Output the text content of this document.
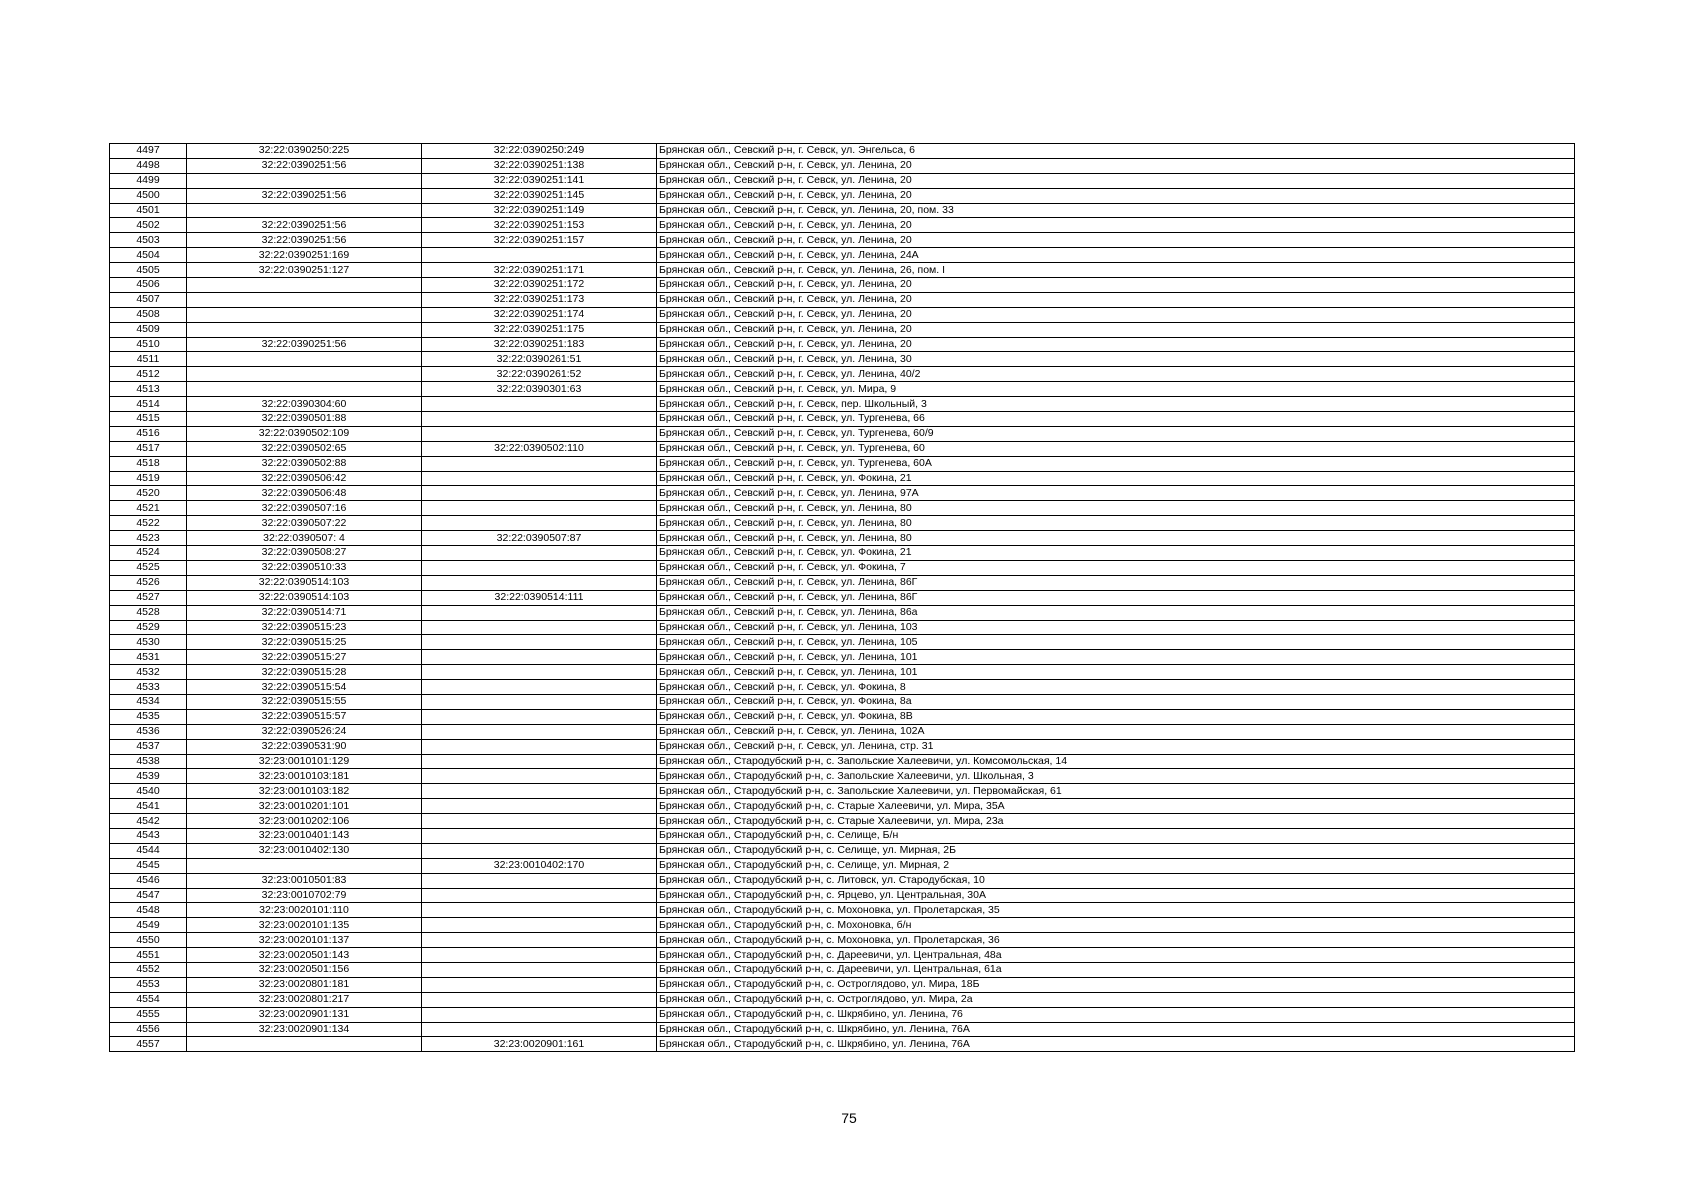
4497	32:22:0390250:225	32:22:0390250:249	Брянская обл., Севский р-н, г. Севск, ул. Энгельса, 6
4498	32:22:0390251:56	32:22:0390251:138	Брянская обл., Севский р-н, г. Севск, ул. Ленина, 20
4499		32:22:0390251:141	Брянская обл., Севский р-н, г. Севск, ул. Ленина, 20
4500	32:22:0390251:56	32:22:0390251:145	Брянская обл., Севский р-н, г. Севск, ул. Ленина, 20
4501		32:22:0390251:149	Брянская обл., Севский р-н, г. Севск, ул. Ленина, 20, пом. 33
4502	32:22:0390251:56	32:22:0390251:153	Брянская обл., Севский р-н, г. Севск, ул. Ленина, 20
4503	32:22:0390251:56	32:22:0390251:157	Брянская обл., Севский р-н, г. Севск, ул. Ленина, 20
4504	32:22:0390251:169		Брянская обл., Севский р-н, г. Севск, ул. Ленина, 24А
4505	32:22:0390251:127	32:22:0390251:171	Брянская обл., Севский р-н, г. Севск, ул. Ленина, 26, пом. I
4506		32:22:0390251:172	Брянская обл., Севский р-н, г. Севск, ул. Ленина, 20
4507		32:22:0390251:173	Брянская обл., Севский р-н, г. Севск, ул. Ленина, 20
4508		32:22:0390251:174	Брянская обл., Севский р-н, г. Севск, ул. Ленина, 20
4509		32:22:0390251:175	Брянская обл., Севский р-н, г. Севск, ул. Ленина, 20
4510	32:22:0390251:56	32:22:0390251:183	Брянская обл., Севский р-н, г. Севск, ул. Ленина, 20
4511		32:22:0390261:51	Брянская обл., Севский р-н, г. Севск, ул. Ленина, 30
4512		32:22:0390261:52	Брянская обл., Севский р-н, г. Севск, ул. Ленина, 40/2
4513		32:22:0390301:63	Брянская обл., Севский р-н, г. Севск, ул. Мира, 9
4514	32:22:0390304:60		Брянская обл., Севский р-н, г. Севск, пер. Школьный, 3
4515	32:22:0390501:88		Брянская обл., Севский р-н, г. Севск, ул. Тургенева, 66
4516	32:22:0390502:109		Брянская обл., Севский р-н, г. Севск, ул. Тургенева, 60/9
4517	32:22:0390502:65	32:22:0390502:110	Брянская обл., Севский р-н, г. Севск, ул. Тургенева, 60
4518	32:22:0390502:88		Брянская обл., Севский р-н, г. Севск, ул. Тургенева, 60А
4519	32:22:0390506:42		Брянская обл., Севский р-н, г. Севск, ул. Фокина, 21
4520	32:22:0390506:48		Брянская обл., Севский р-н, г. Севск, ул. Ленина, 97А
4521	32:22:0390507:16		Брянская обл., Севский р-н, г. Севск, ул. Ленина, 80
4522	32:22:0390507:22		Брянская обл., Севский р-н, г. Севск, ул. Ленина, 80
4523	32:22:0390507: 4	32:22:0390507:87	Брянская обл., Севский р-н, г. Севск, ул. Ленина, 80
4524	32:22:0390508:27		Брянская обл., Севский р-н, г. Севск, ул. Фокина, 21
4525	32:22:0390510:33		Брянская обл., Севский р-н, г. Севск, ул. Фокина, 7
4526	32:22:0390514:103		Брянская обл., Севский р-н, г. Севск, ул. Ленина, 86Г
4527	32:22:0390514:103	32:22:0390514:111	Брянская обл., Севский р-н, г. Севск, ул. Ленина, 86Г
4528	32:22:0390514:71		Брянская обл., Севский р-н, г. Севск, ул. Ленина, 86а
4529	32:22:0390515:23		Брянская обл., Севский р-н, г. Севск, ул. Ленина, 103
4530	32:22:0390515:25		Брянская обл., Севский р-н, г. Севск, ул. Ленина, 105
4531	32:22:0390515:27		Брянская обл., Севский р-н, г. Севск, ул. Ленина, 101
4532	32:22:0390515:28		Брянская обл., Севский р-н, г. Севск, ул. Ленина, 101
4533	32:22:0390515:54		Брянская обл., Севский р-н, г. Севск, ул. Фокина, 8
4534	32:22:0390515:55		Брянская обл., Севский р-н, г. Севск, ул. Фокина, 8а
4535	32:22:0390515:57		Брянская обл., Севский р-н, г. Севск, ул. Фокина, 8В
4536	32:22:0390526:24		Брянская обл., Севский р-н, г. Севск, ул. Ленина, 102А
4537	32:22:0390531:90		Брянская обл., Севский р-н, г. Севск, ул. Ленина, стр. 31
4538	32:23:0010101:129		Брянская обл., Стародубский р-н, с. Запольские Халеевичи, ул. Комсомольская, 14
4539	32:23:0010103:181		Брянская обл., Стародубский р-н, с. Запольские Халеевичи, ул. Школьная, 3
4540	32:23:0010103:182		Брянская обл., Стародубский р-н, с. Запольские Халеевичи, ул. Первомайская, 61
4541	32:23:0010201:101		Брянская обл., Стародубский р-н, с. Старые Халеевичи, ул. Мира, 35А
4542	32:23:0010202:106		Брянская обл., Стародубский р-н, с. Старые Халеевичи, ул. Мира, 23а
4543	32:23:0010401:143		Брянская обл., Стародубский р-н, с. Селище, Б/н
4544	32:23:0010402:130		Брянская обл., Стародубский р-н, с. Селище, ул. Мирная, 2Б
4545		32:23:0010402:170	Брянская обл., Стародубский р-н, с. Селище, ул. Мирная, 2
4546	32:23:0010501:83		Брянская обл., Стародубский р-н, с. Литовск, ул. Стародубская, 10
4547	32:23:0010702:79		Брянская обл., Стародубский р-н, с. Ярцево, ул. Центральная, 30А
4548	32:23:0020101:110		Брянская обл., Стародубский р-н, с. Мохоновка, ул. Пролетарская, 35
4549	32:23:0020101:135		Брянская обл., Стародубский р-н, с. Мохоновка, б/н
4550	32:23:0020101:137		Брянская обл., Стародубский р-н, с. Мохоновка, ул. Пролетарская, 36
4551	32:23:0020501:143		Брянская обл., Стародубский р-н, с. Дареевичи, ул. Центральная, 48а
4552	32:23:0020501:156		Брянская обл., Стародубский р-н, с. Дареевичи, ул. Центральная, 61а
4553	32:23:0020801:181		Брянская обл., Стародубский р-н, с. Остроглядово, ул. Мира, 18Б
4554	32:23:0020801:217		Брянская обл., Стародубский р-н, с. Остроглядово, ул. Мира, 2а
4555	32:23:0020901:131		Брянская обл., Стародубский р-н, с. Шкрябино, ул. Ленина, 76
4556	32:23:0020901:134		Брянская обл., Стародубский р-н, с. Шкрябино, ул. Ленина, 76А
4557		32:23:0020901:161	Брянская обл., Стародубский р-н, с. Шкрябино, ул. Ленина, 76А
75
